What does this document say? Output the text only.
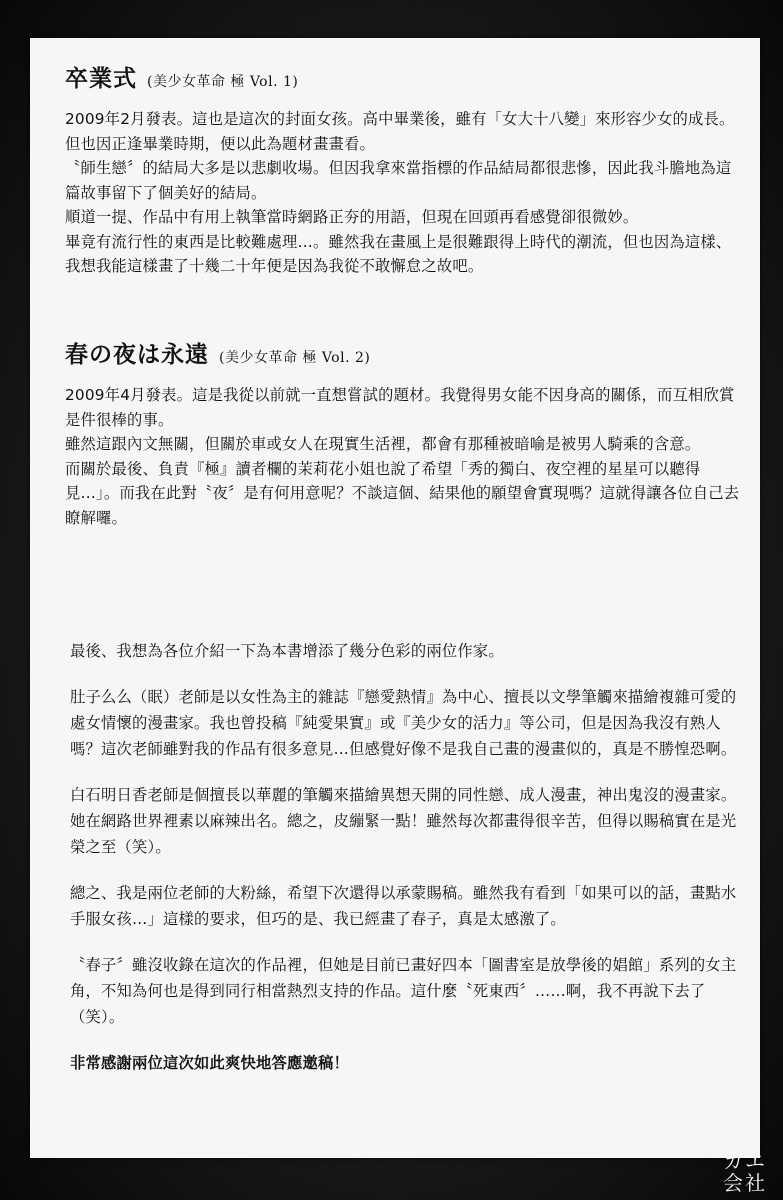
卒業式 (美少女革命 極 Vol. 1)

2009年2月發表。這也是這次的封面女孩。高中畢業後，雖有「女大十八變」來形容少女的成長。但也因正逢畢業時期，便以此為題材畫畫看。

〝師生戀〞的結局大多是以悲劇收場。但因我拿來當指標的作品結局都很悲慘，因此我斗膽地為這篇故事留下了個美好的結局。

順道一提、作品中有用上執筆當時網路正夯的用語，但現在回頭再看感覺卻很微妙。

畢竟有流行性的東西是比較難處理…。雖然我在畫風上是很難跟得上時代的潮流，但也因為這樣、我想我能這樣畫了十幾二十年便是因為我從不敢懈怠之故吧。

春の夜は永遠 (美少女革命 極 Vol. 2)

2009年4月發表。這是我從以前就一直想嘗試的題材。我覺得男女能不因身高的關係，而互相欣賞是件很棒的事。

雖然這跟內文無關，但關於車或女人在現實生活裡，都會有那種被暗喻是被男人騎乘的含意。

而關於最後、負責『極』讀者欄的茉莉花小姐也說了希望「秀的獨白、夜空裡的星星可以聽得見…」。而我在此對〝夜〞是有何用意呢？不談這個、結果他的願望會實現嗎？這就得讓各位自己去瞭解囉。

最後、我想為各位介紹一下為本書增添了幾分色彩的兩位作家。

肚子么么（眠）老師是以女性為主的雜誌『戀愛熱情』為中心、擅長以文學筆觸來描繪複雜可愛的處女情懷的漫畫家。我也曾投稿『純愛果實』或『美少女的活力』等公司，但是因為我沒有熟人嗎？這次老師雖對我的作品有很多意見…但感覺好像不是我自己畫的漫畫似的，真是不勝惶恐啊。

白石明日香老師是個擅長以華麗的筆觸來描繪異想天開的同性戀、成人漫畫，神出鬼沒的漫畫家。她在網路世界裡素以麻辣出名。總之，皮繃緊一點！雖然每次都畫得很辛苦，但得以賜稿實在是光榮之至（笑）。

總之、我是兩位老師的大粉絲，希望下次還得以承蒙賜稿。雖然我有看到「如果可以的話，畫點水手服女孩…」這樣的要求，但巧的是、我已經畫了春子，真是太感激了。

〝春子〞雖沒收錄在這次的作品裡，但她是目前已畫好四本「圖書室是放學後的娼館」系列的女主角，不知為何也是得到同行相當熱烈支持的作品。這什麼〝死東西〞……啊，我不再說下去了（笑）。

非常感謝兩位這次如此爽快地答應邀稿！

カエ
会社
